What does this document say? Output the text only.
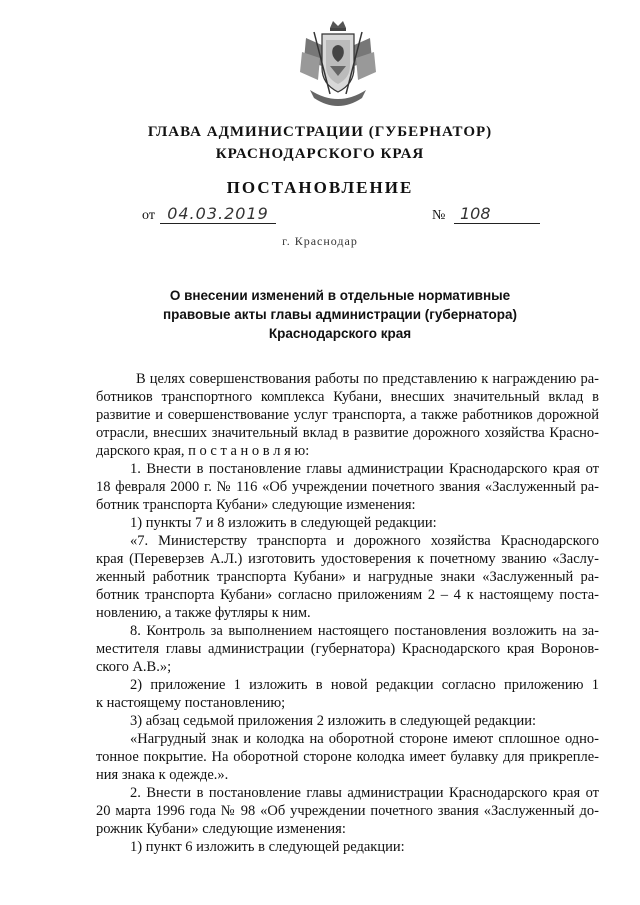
ГЛАВА АДМИНИСТРАЦИИ (ГУБЕРНАТОР)
КРАСНОДАРСКОГО КРАЯ
ПОСТАНОВЛЕНИЕ
от 04.03.2019	№ 108
г. Краснодар
О внесении изменений в отдельные нормативные
правовые акты главы администрации (губернатора)
Краснодарского края

В целях совершенствования работы по представлению к награждению ра-

ботников транспортного комплекса Кубани, внесших значительный вклад в

развитие и совершенствование услуг транспорта, а также работников дорожной

отрасли, внесших значительный вклад в развитие дорожного хозяйства Красно-

дарского края, п о с т а н о в л я ю:

1. Внести в постановление главы администрации Краснодарского края от

18 февраля 2000 г. № 116 «Об учреждении почетного звания «Заслуженный ра-

ботник транспорта Кубани» следующие изменения:

1) пункты 7 и 8 изложить в следующей редакции:

«7. Министерству транспорта и дорожного хозяйства Краснодарского

края (Переверзев А.Л.) изготовить удостоверения к почетному званию «Заслу-

женный работник транспорта Кубани» и нагрудные знаки «Заслуженный ра-

ботник транспорта Кубани» согласно приложениям 2 – 4 к настоящему поста-

новлению, а также футляры к ним.

8. Контроль за выполнением настоящего постановления возложить на за-

местителя главы администрации (губернатора) Краснодарского края Воронов-

ского А.В.»;

2) приложение 1 изложить в новой редакции согласно приложению 1

к настоящему постановлению;

3) абзац седьмой приложения 2 изложить в следующей редакции:

«Нагрудный знак и колодка на оборотной стороне имеют сплошное одно-

тонное покрытие. На оборотной стороне колодка имеет булавку для прикрепле-

ния знака к одежде.».

2. Внести в постановление главы администрации Краснодарского края от

20 марта 1996 года № 98 «Об учреждении почетного звания «Заслуженный до-

рожник Кубани» следующие изменения:

1) пункт 6 изложить в следующей редакции:
